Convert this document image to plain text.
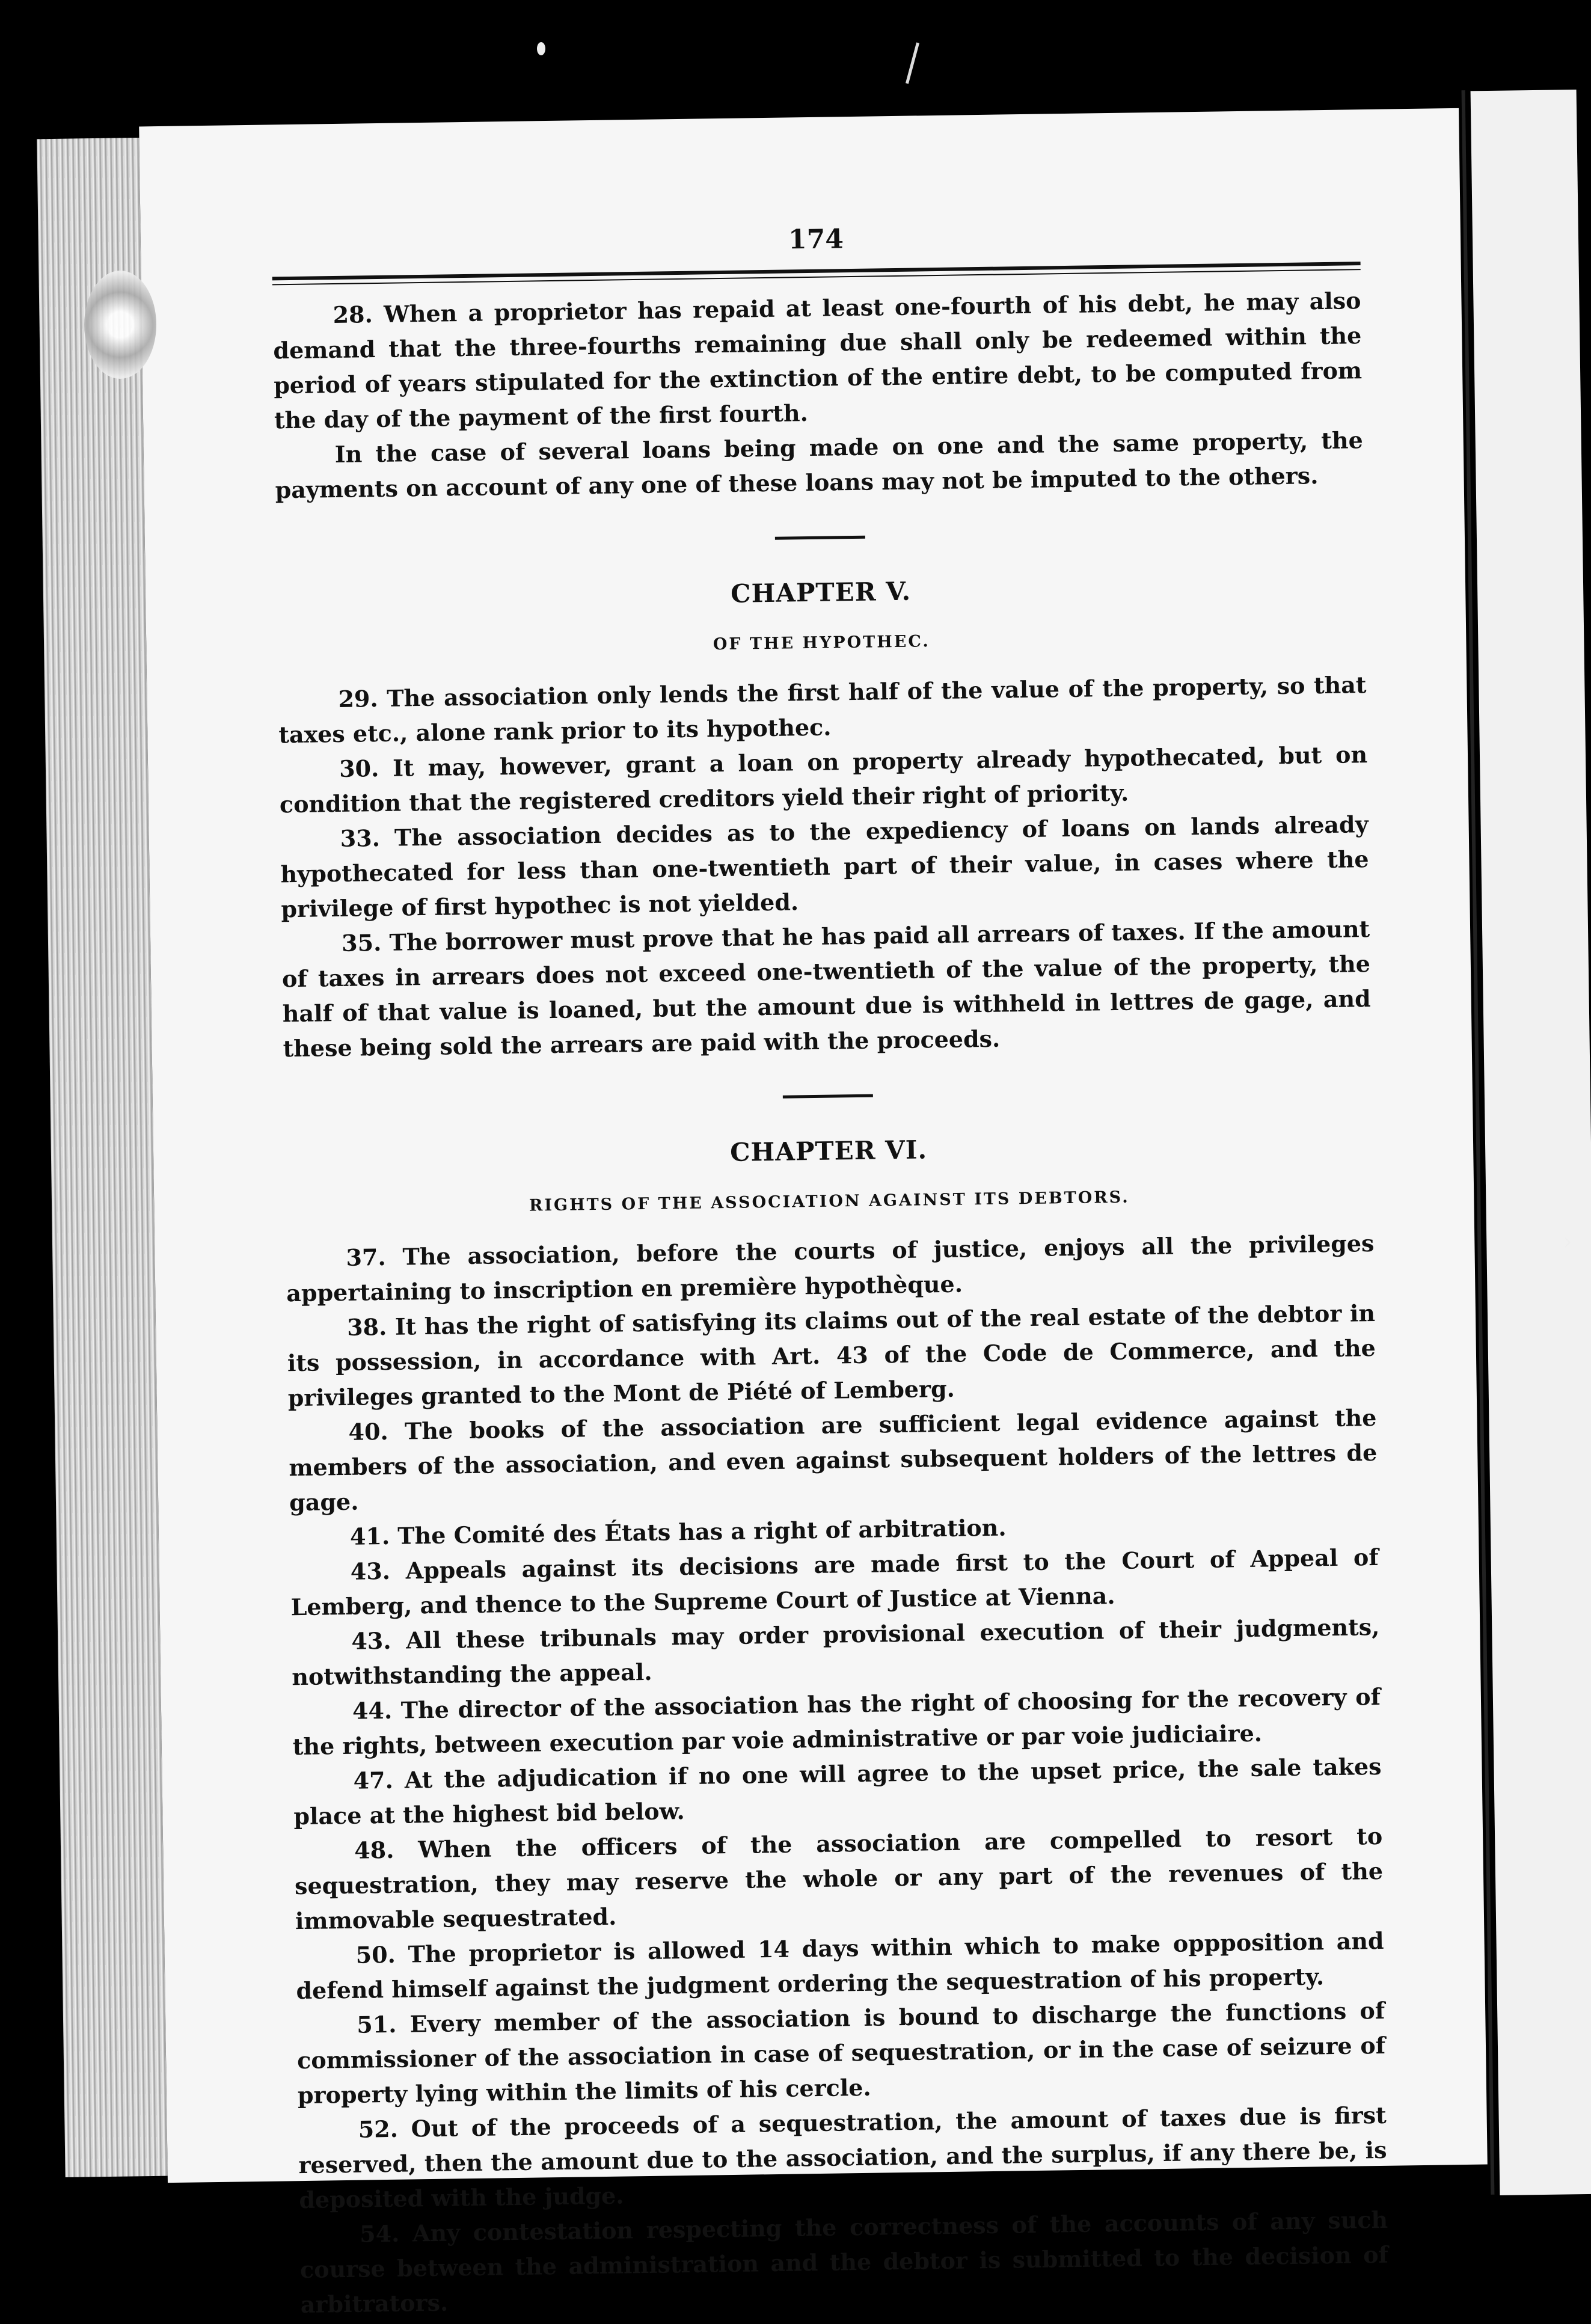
174

28. When a proprietor has repaid at least one-fourth of his debt, he may also demand that the three-fourths remaining due shall only be redeemed within the period of years stipulated for the extinction of the entire debt, to be computed from the day of the payment of the first fourth.

In the case of several loans being made on one and the same property, the payments on account of any one of these loans may not be imputed to the others.

CHAPTER V.
OF THE HYPOTHEC.

29. The association only lends the first half of the value of the property, so that taxes etc., alone rank prior to its hypothec.

30. It may, however, grant a loan on property already hypothecated, but on condition that the registered creditors yield their right of priority.

33. The association decides as to the expediency of loans on lands already hypothecated for less than one-twentieth part of their value, in cases where the privilege of first hypothec is not yielded.

35. The borrower must prove that he has paid all arrears of taxes. If the amount of taxes in arrears does not exceed one-twentieth of the value of the property, the half of that value is loaned, but the amount due is withheld in lettres de gage, and these being sold the arrears are paid with the proceeds.

CHAPTER VI.
RIGHTS OF THE ASSOCIATION AGAINST ITS DEBTORS.

37. The association, before the courts of justice, enjoys all the privileges appertaining to inscription en première hypothèque.

38. It has the right of satisfying its claims out of the real estate of the debtor in its possession, in accordance with Art. 43 of the Code de Commerce, and the privileges granted to the Mont de Piété of Lemberg.

40. The books of the association are sufficient legal evidence against the members of the association, and even against subsequent holders of the lettres de gage.

41. The Comité des États has a right of arbitration.

43. Appeals against its decisions are made first to the Court of Appeal of Lemberg, and thence to the Supreme Court of Justice at Vienna.

43. All these tribunals may order provisional execution of their judgments, notwithstanding the appeal.

44. The director of the association has the right of choosing for the recovery of the rights, between execution par voie administrative or par voie judiciaire.

47. At the adjudication if no one will agree to the upset price, the sale takes place at the highest bid below.

48. When the officers of the association are compelled to resort to sequestration, they may reserve the whole or any part of the revenues of the immovable sequestrated.

50. The proprietor is allowed 14 days within which to make oppposition and defend himself against the judgment ordering the sequestration of his property.

51. Every member of the association is bound to discharge the functions of commissioner of the association in case of sequestration, or in the case of seizure of property lying within the limits of his cercle.

52. Out of the proceeds of a sequestration, the amount of taxes due is first reserved, then the amount due to the association, and the surplus, if any there be, is deposited with the judge.

54. Any contestation respecting the correctness of the accounts of any such course between the administration and the debtor is submitted to the decision of arbitrators.

›
